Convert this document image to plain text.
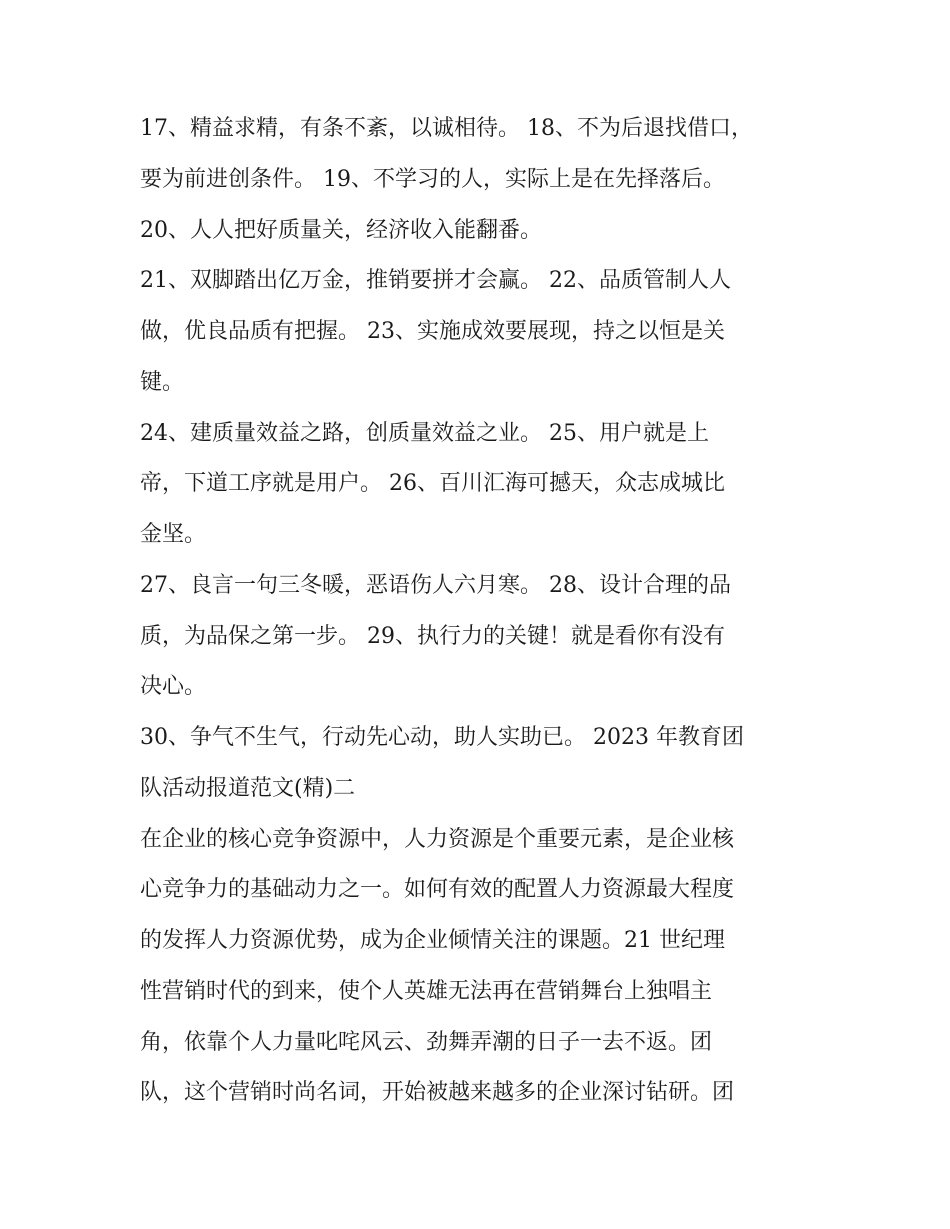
17、精益求精，有条不紊，以诚相待。 18、不为后退找借口，
要为前进创条件。 19、不学习的人，实际上是在先择落后。
20、人人把好质量关，经济收入能翻番。
21、双脚踏出亿万金，推销要拼才会赢。 22、品质管制人人
做，优良品质有把握。 23、实施成效要展现，持之以恒是关
键。
24、建质量效益之路，创质量效益之业。 25、用户就是上
帝，下道工序就是用户。 26、百川汇海可撼天，众志成城比
金坚。
27、良言一句三冬暖，恶语伤人六月寒。 28、设计合理的品
质，为品保之第一步。 29、执行力的关键！就是看你有没有
决心。
30、争气不生气，行动先心动，助人实助已。 2023 年教育团
队活动报道范文(精)二
在企业的核心竞争资源中，人力资源是个重要元素，是企业核
心竞争力的基础动力之一。如何有效的配置人力资源最大程度
的发挥人力资源优势，成为企业倾情关注的课题。21 世纪理
性营销时代的到来，使个人英雄无法再在营销舞台上独唱主
角，依靠个人力量叱咤风云、劲舞弄潮的日子一去不返。团
队，这个营销时尚名词，开始被越来越多的企业深讨钻研。团
